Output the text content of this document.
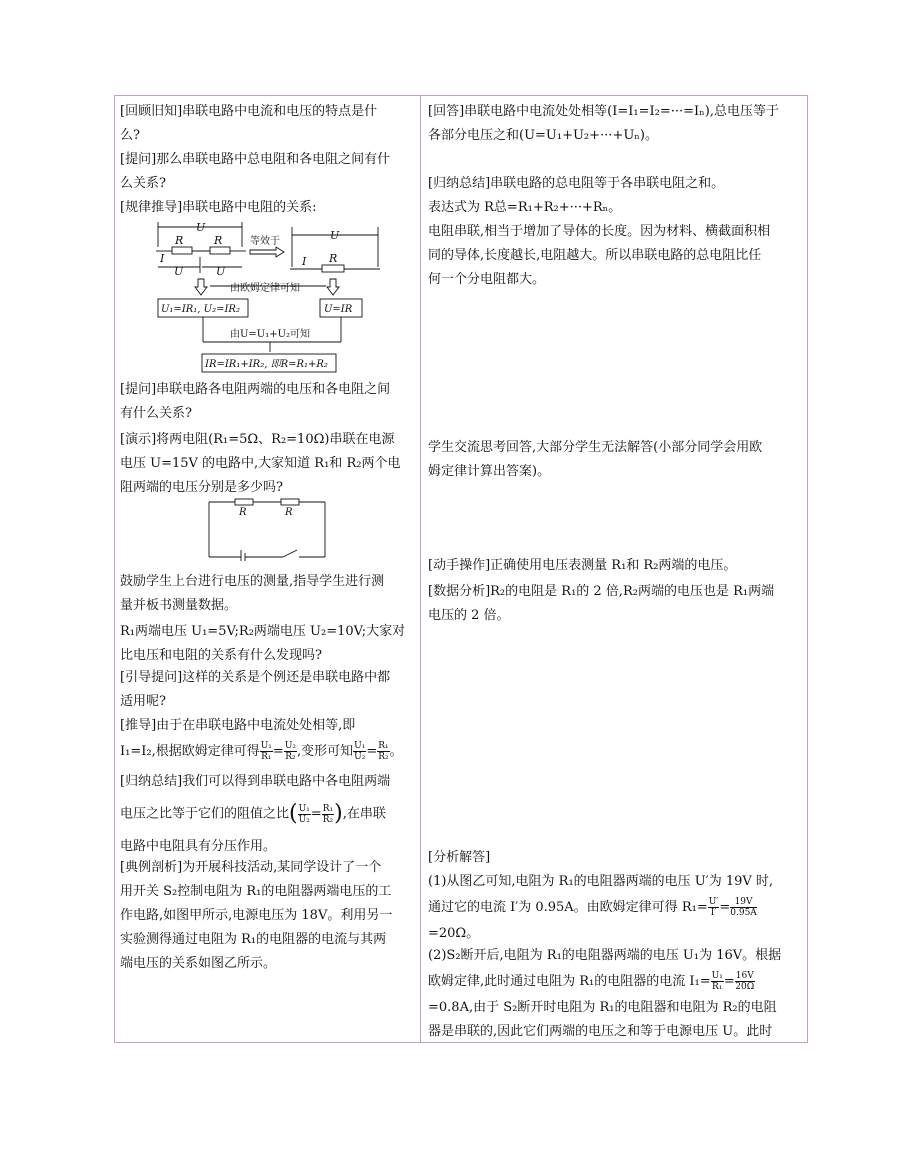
[回顾旧知]串联电路中电流和电压的特点是什
么?
[提问]那么串联电路中总电阻和各电阻之间有什
么关系?
[规律推导]串联电路中电阻的关系:
U
R	R
I
U	U
U
I R
等效于
由欧姆定律可知
U₁=IR₁, U₂=IR₂	U=IR
由U=U₁+U₂可知
IR=IR₁+IR₂, 即R=R₁+R₂
[提问]串联电路各电阻两端的电压和各电阻之间
有什么关系?
[演示]将两电阻(R₁=5Ω、R₂=10Ω)串联在电源
电压 U=15V 的电路中,大家知道 R₁和 R₂两个电
阻两端的电压分别是多少吗?
R	R
鼓励学生上台进行电压的测量,指导学生进行测
量并板书测量数据。
R₁两端电压 U₁=5V;R₂两端电压 U₂=10V;大家对
比电压和电阻的关系有什么发现吗?
[引导提问]这样的关系是个例还是串联电路中都
适用呢?
[推导]由于在串联电路中电流处处相等,即
I₁=I₂,根据欧姆定律可得 $\frac{\text{U₁}}{\text{R₁}} = \frac{\text{U₂}}{\text{R₂}}$ ,变形可知 $\frac{\text{U₁}}{\text{U₂}} = \frac{\text{R₁}}{\text{R₂}}$ 。
[归纳总结]我们可以得到串联电路中各电阻两端
电压之比等于它们的阻值之比( $\frac{\text{U₁}}{\text{U₂}} = \frac{\text{R₁}}{\text{R₂}}$ ),在串联
电路中电阻具有分压作用。
[典例剖析]为开展科技活动,某同学设计了一个
用开关 S₂控制电阻为 R₁的电阻器两端电压的工
作电路,如图甲所示,电源电压为 18V。利用另一
实验测得通过电阻为 R₁的电阻器的电流与其两
端电压的关系如图乙所示。
[回答]串联电路中电流处处相等(I=I₁=I₂=···=Iₙ),总电压等于
各部分电压之和(U=U₁+U₂+···+Uₙ)。
[归纳总结]串联电路的总电阻等于各串联电阻之和。
表达式为 R总=R₁+R₂+···+Rₙ。
电阻串联,相当于增加了导体的长度。因为材料、横截面积相
同的导体,长度越长,电阻越大。所以串联电路的总电阻比任
何一个分电阻都大。
学生交流思考回答,大部分学生无法解答(小部分同学会用欧
姆定律计算出答案)。
[动手操作]正确使用电压表测量 R₁和 R₂两端的电压。
[数据分析]R₂的电阻是 R₁的 2 倍,R₂两端的电压也是 R₁两端
电压的 2 倍。
[分析解答]
(1)从图乙可知,电阻为 R₁的电阻器两端的电压 U′为 19V 时,
通过它的电流 I′为 0.95A。由欧姆定律可得 $R_1= \frac{U'}{I'} = \frac{19V}{0.95A}$
=20Ω。
(2)S₂断开后,电阻为 R₁的电阻器两端的电压 U₁为 16V。根据
欧姆定律,此时通过电阻为 R₁的电阻器的电流 $I_1= \frac{\text{U₁}}{\text{R₁}} = \frac{16V}{20\Omega}$
=0.8A,由于 S₂断开时电阻为 R₁的电阻器和电阻为 R₂的电阻
器是串联的,因此它们两端的电压之和等于电源电压 U。此时
